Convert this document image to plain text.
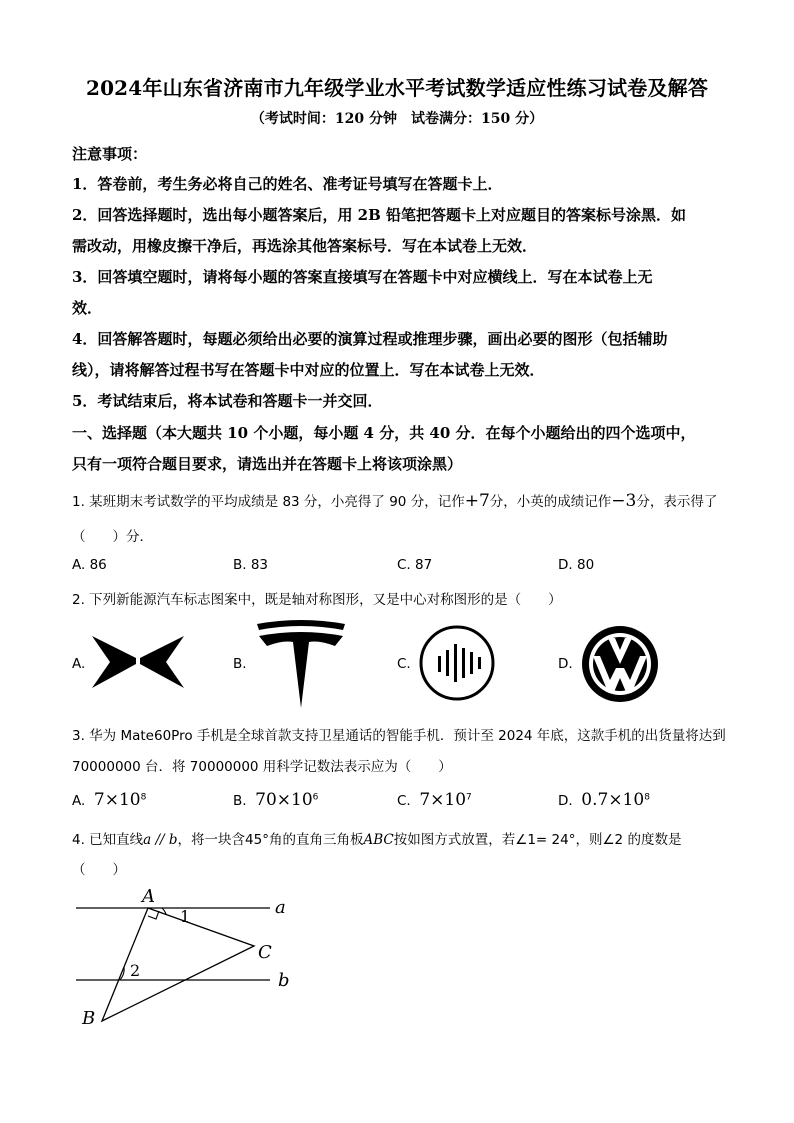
2024年山东省济南市九年级学业水平考试数学适应性练习试卷及解答
（考试时间：120 分钟　试卷满分：150 分）
注意事项：
1．答卷前，考生务必将自己的姓名、准考证号填写在答题卡上．
2．回答选择题时，选出每小题答案后，用 2B 铅笔把答题卡上对应题目的答案标号涂黑．如
需改动，用橡皮擦干净后，再选涂其他答案标号．写在本试卷上无效．
3．回答填空题时，请将每小题的答案直接填写在答题卡中对应横线上．写在本试卷上无
效．
4．回答解答题时，每题必须给出必要的演算过程或推理步骤，画出必要的图形（包括辅助
线），请将解答过程书写在答题卡中对应的位置上．写在本试卷上无效．
5．考试结束后，将本试卷和答题卡一并交回．
一、选择题（本大题共 10 个小题，每小题 4 分，共 40 分．在每个小题给出的四个选项中，
只有一项符合题目要求，请选出并在答题卡上将该项涂黑）
1. 某班期末考试数学的平均成绩是 83 分，小亮得了 90 分，记作+7分，小英的成绩记作−3分，表示得了
（　　）分．
A. 86	B. 83	C. 87	D. 80
2. 下列新能源汽车标志图案中，既是轴对称图形，又是中心对称图形的是（　　）
A.	B.	C.	D.
3. 华为 Mate60Pro 手机是全球首款支持卫星通话的智能手机．预计至 2024 年底，这款手机的出货量将达到
70000000 台．将 70000000 用科学记数法表示应为（　　）
A. $7\times 10^8$	B. $70\times 10^6$	C. $7\times 10^7$	D. $0.7\times 10^8$
4. 已知直线a // b，将一块含45°角的直角三角板ABC按如图方式放置，若∠1= 24°，则∠2 的度数是
（　　）
A
1	a
C
2	b
B
